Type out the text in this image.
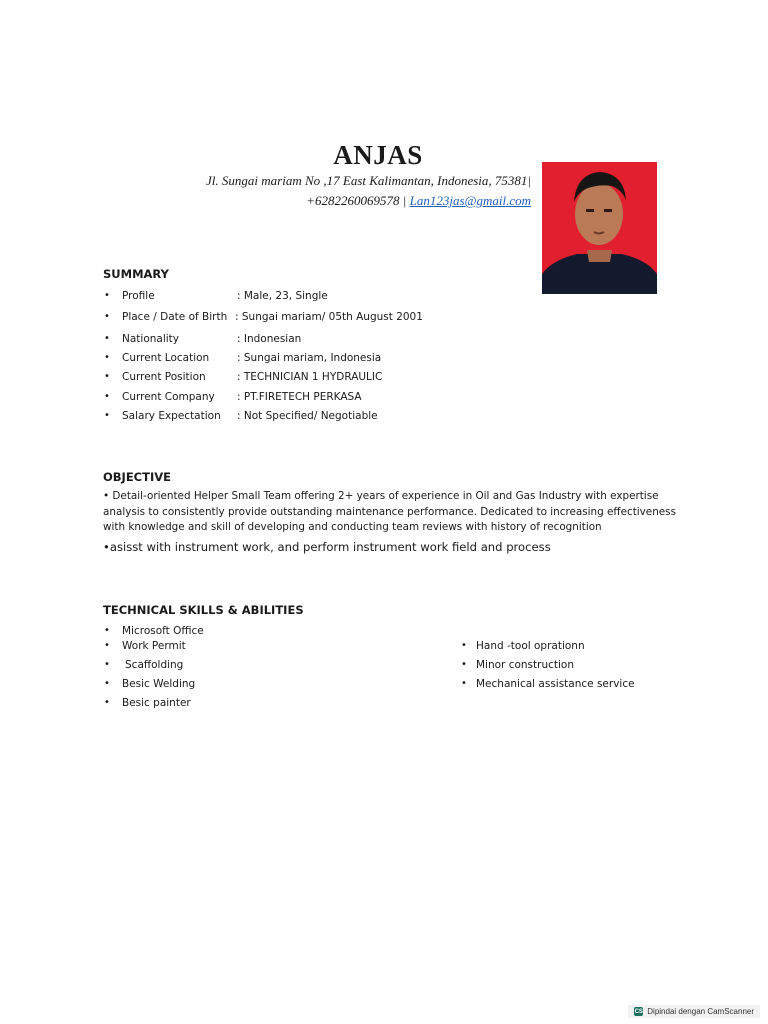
ANJAS
Jl. Sungai mariam No ,17 East Kalimantan, Indonesia, 75381|
+6282260069578 | Lan123jas@gmail.com
SUMMARY
• Profile	: Male, 23, Single
• Place / Date of Birth : Sungai mariam/ 05th August 2001
• Nationality	: Indonesian
• Current Location	: Sungai mariam, Indonesia
• Current Position	: TECHNICIAN 1 HYDRAULIC
• Current Company : PT.FIRETECH PERKASA
• Salary Expectation : Not Specified/ Negotiable
OBJECTIVE

• Detail-oriented Helper Small Team offering 2+ years of experience in Oil and Gas Industry with expertise

analysis to consistently provide outstanding maintenance performance. Dedicated to increasing effectiveness

with knowledge and skill of developing and conducting team reviews with history of recognition

•asisst with instrument work, and perform instrument work field and process

TECHNICAL SKILLS & ABILITIES
• Microsoft Office
• Work Permit
• Scaffolding
• Besic Welding
• Besic painter
• Hand -tool oprationn
• Minor construction
• Mechanical assistance service
CS Dipindai dengan CamScanner
